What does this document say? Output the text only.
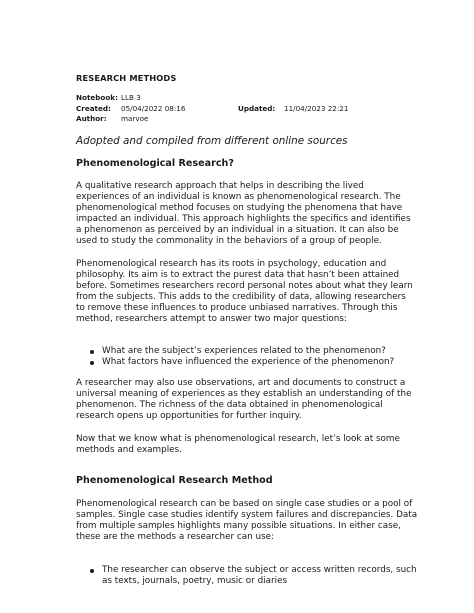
RESEARCH METHODS
Notebook: LLB 3
Created:	05/04/2022 08:16	Updated:	11/04/2023 22:21
Author:	marvoe
Adopted and compiled from different online sources
Phenomenological Research?
A qualitative research approach that helps in describing the lived
experiences of an individual is known as phenomenological research. The
phenomenological method focuses on studying the phenomena that have
impacted an individual. This approach highlights the specifics and identifies
a phenomenon as perceived by an individual in a situation. It can also be
used to study the commonality in the behaviors of a group of people.
Phenomenological research has its roots in psychology, education and
philosophy. Its aim is to extract the purest data that hasn’t been attained
before. Sometimes researchers record personal notes about what they learn
from the subjects. This adds to the credibility of data, allowing researchers
to remove these influences to produce unbiased narratives. Through this
method, researchers attempt to answer two major questions:
What are the subject’s experiences related to the phenomenon?
What factors have influenced the experience of the phenomenon?
A researcher may also use observations, art and documents to construct a
universal meaning of experiences as they establish an understanding of the
phenomenon. The richness of the data obtained in phenomenological
research opens up opportunities for further inquiry.
Now that we know what is phenomenological research, let’s look at some
methods and examples.
Phenomenological Research Method
Phenomenological research can be based on single case studies or a pool of
samples. Single case studies identify system failures and discrepancies. Data
from multiple samples highlights many possible situations. In either case,
these are the methods a researcher can use:
The researcher can observe the subject or access written records, such
as texts, journals, poetry, music or diaries
